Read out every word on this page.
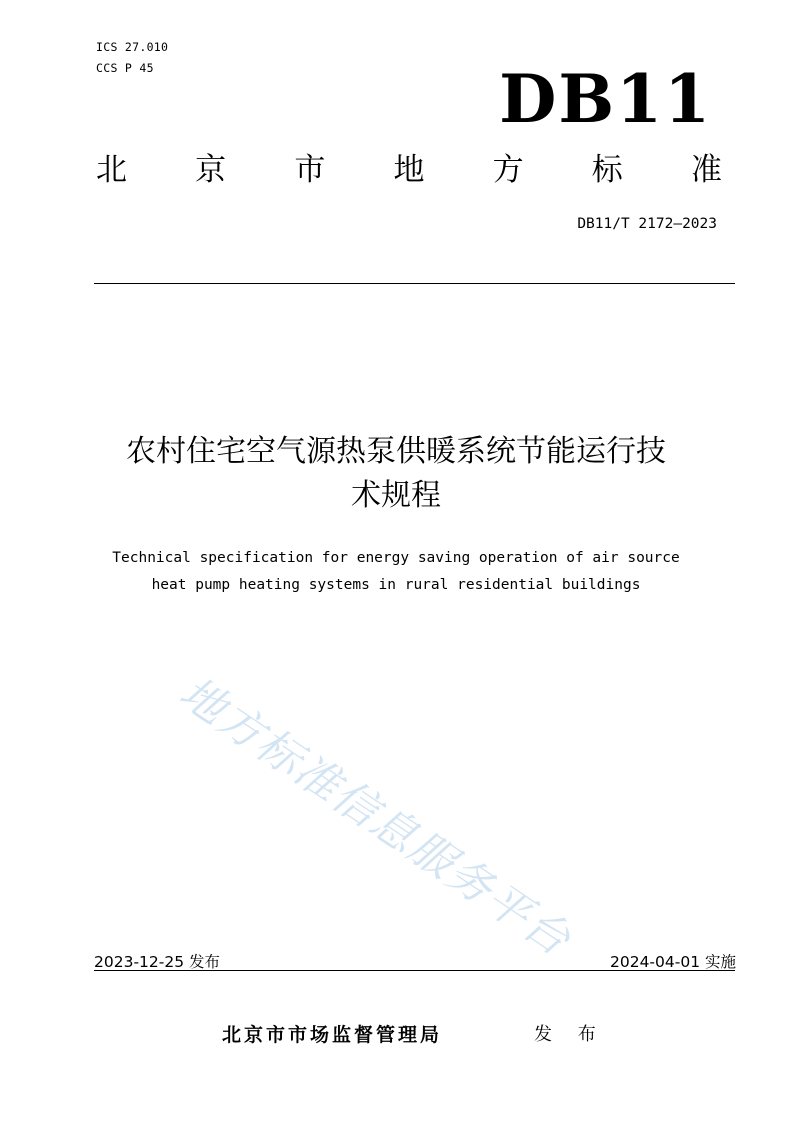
ICS 27.010
CCS P 45	DB11
北 京 市 地 方 标 准
DB11/T 2172—2023
农村住宅空气源热泵供暖系统节能运行技
术规程
Technical specification for energy saving operation of air source
heat pump heating systems in rural residential buildings
地方标准信息服务平台
2023-12-25 发布	2024-04-01 实施
北京市市场监督管理局	发 布
